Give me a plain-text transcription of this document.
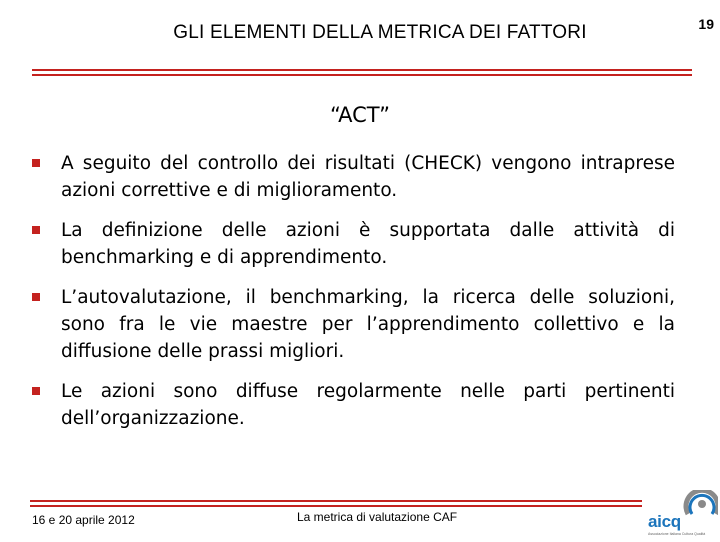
GLI ELEMENTI DELLA METRICA DEI FATTORI	19
“ACT”
A seguito del controllo dei risultati (CHECK) vengono intraprese azioni correttive e di miglioramento.
La definizione delle azioni è supportata dalle attività di benchmarking e di apprendimento.
L’autovalutazione, il benchmarking, la ricerca delle soluzioni, sono fra le vie maestre per l’apprendimento collettivo e la diffusione delle prassi migliori.
Le azioni sono diffuse regolarmente nelle parti pertinenti dell’organizzazione.
16 e 20 aprile 2012	La metrica di valutazione CAF	aicq
Associazione Italiana Cultura Qualità
